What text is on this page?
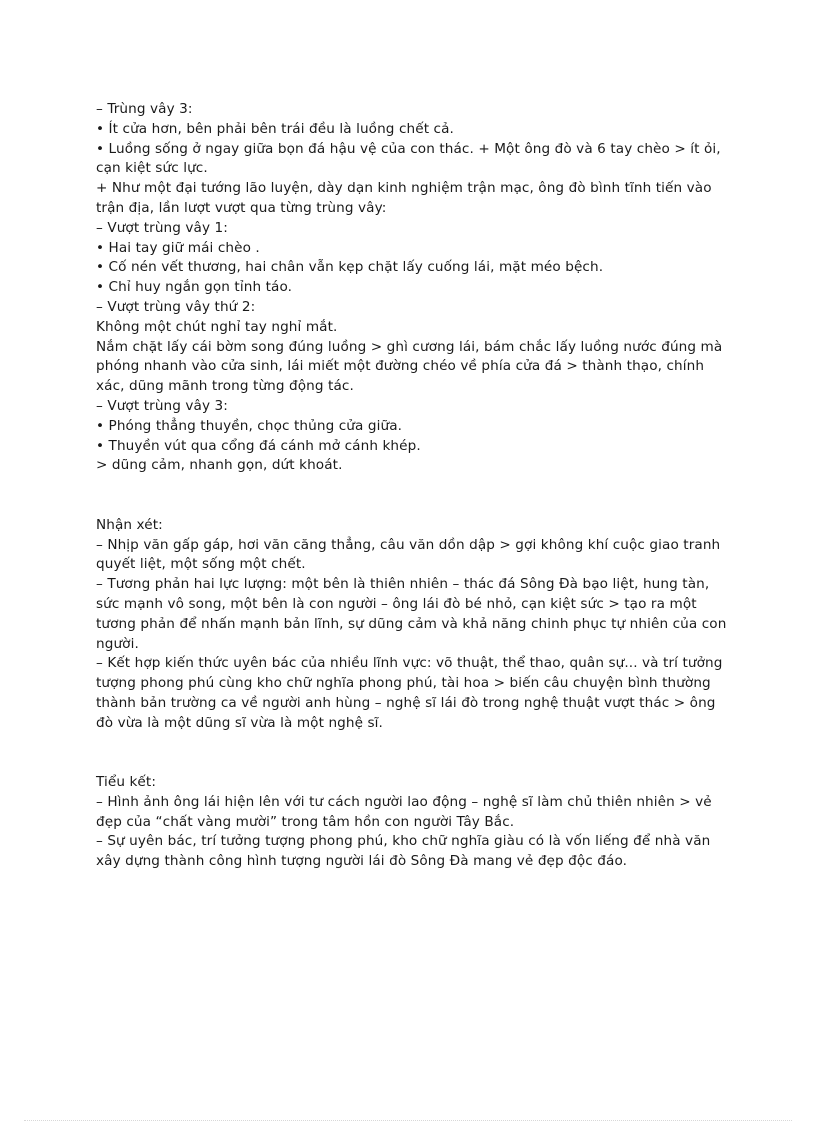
– Trùng vây 3:
• Ít cửa hơn, bên phải bên trái đều là luồng chết cả.
• Luồng sống ở ngay giữa bọn đá hậu vệ của con thác. + Một ông đò và 6 tay chèo > ít ỏi,
cạn kiệt sức lực.
+ Như một đại tướng lão luyện, dày dạn kinh nghiệm trận mạc, ông đò bình tĩnh tiến vào
trận địa, lần lượt vượt qua từng trùng vây:
– Vượt trùng vây 1:
• Hai tay giữ mái chèo .
• Cố nén vết thương, hai chân vẫn kẹp chặt lấy cuống lái, mặt méo bệch.
• Chỉ huy ngắn gọn tỉnh táo.
– Vượt trùng vây thứ 2:
Không một chút nghỉ tay nghỉ mắt.
Nắm chặt lấy cái bờm song đúng luồng > ghì cương lái, bám chắc lấy luồng nước đúng mà
phóng nhanh vào cửa sinh, lái miết một đường chéo về phía cửa đá > thành thạo, chính
xác, dũng mãnh trong từng động tác.
– Vượt trùng vây 3:
• Phóng thẳng thuyền, chọc thủng cửa giữa.
• Thuyền vút qua cổng đá cánh mở cánh khép.
> dũng cảm, nhanh gọn, dứt khoát.
Nhận xét:
– Nhịp văn gấp gáp, hơi văn căng thẳng, câu văn dồn dập > gợi không khí cuộc giao tranh
quyết liệt, một sống một chết.
– Tương phản hai lực lượng: một bên là thiên nhiên – thác đá Sông Đà bạo liệt, hung tàn,
sức mạnh vô song, một bên là con người – ông lái đò bé nhỏ, cạn kiệt sức > tạo ra một
tương phản để nhấn mạnh bản lĩnh, sự dũng cảm và khả năng chinh phục tự nhiên của con
người.
– Kết hợp kiến thức uyên bác của nhiều lĩnh vực: võ thuật, thể thao, quân sự... và trí tưởng
tượng phong phú cùng kho chữ nghĩa phong phú, tài hoa > biến câu chuyện bình thường
thành bản trường ca về người anh hùng – nghệ sĩ lái đò trong nghệ thuật vượt thác > ông
đò vừa là một dũng sĩ vừa là một nghệ sĩ.
Tiểu kết:
– Hình ảnh ông lái hiện lên với tư cách người lao động – nghệ sĩ làm chủ thiên nhiên > vẻ
đẹp của “chất vàng mười” trong tâm hồn con người Tây Bắc.
– Sự uyên bác, trí tưởng tượng phong phú, kho chữ nghĩa giàu có là vốn liếng để nhà văn
xây dựng thành công hình tượng người lái đò Sông Đà mang vẻ đẹp độc đáo.
